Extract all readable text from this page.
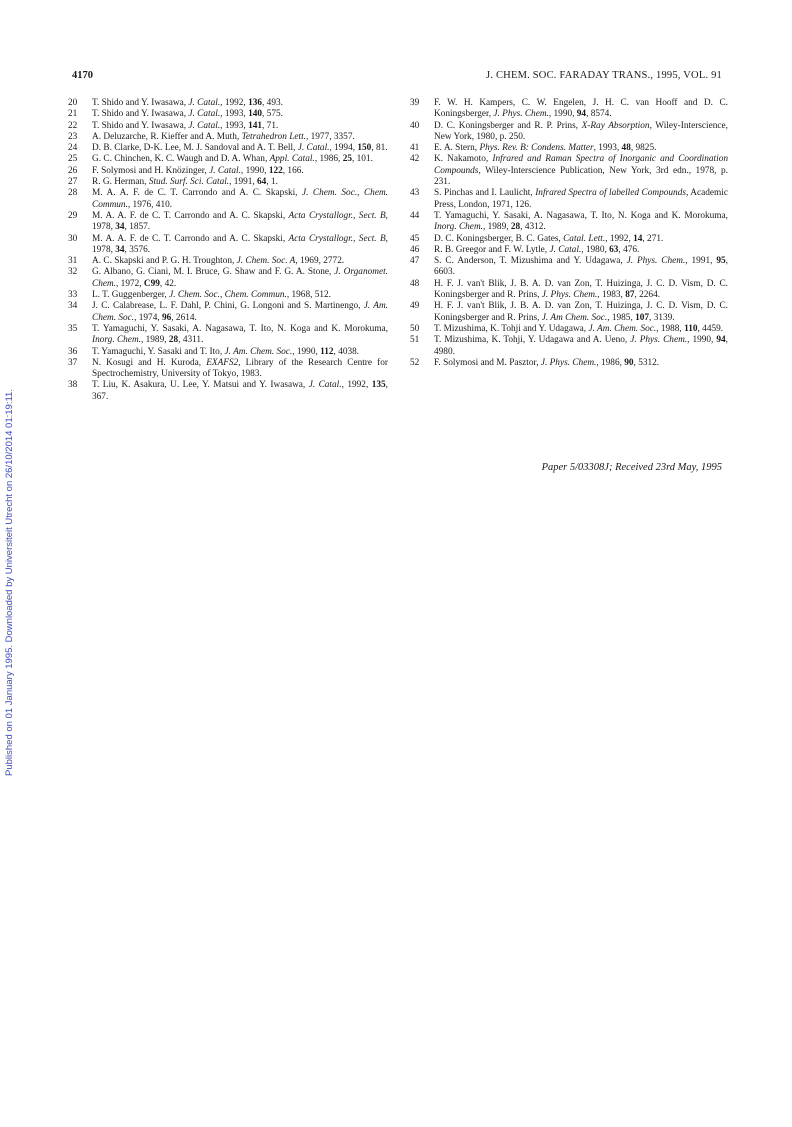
Published on 01 January 1995. Downloaded by Universiteit Utrecht on 26/10/2014 01:19:11.
4170	J. CHEM. SOC. FARADAY TRANS., 1995, VOL. 91
20	T. Shido and Y. Iwasawa, J. Catal., 1992, 136, 493.
21	T. Shido and Y. Iwasawa, J. Catal., 1993, 140, 575.
22	T. Shido and Y. Iwasawa, J. Catal., 1993, 141, 71.
23	A. Deluzarche, R. Kieffer and A. Muth, Tetrahedron Lett., 1977, 3357.
24	D. B. Clarke, D-K. Lee, M. J. Sandoval and A. T. Bell, J. Catal., 1994, 150, 81.
25	G. C. Chinchen, K. C. Waugh and D. A. Whan, Appl. Catal., 1986, 25, 101.
26	F. Solymosi and H. Knözinger, J. Catal., 1990, 122, 166.
27	R. G. Herman, Stud. Surf. Sci. Catal., 1991, 64, 1.
28	M. A. A. F. de C. T. Carrondo and A. C. Skapski, J. Chem. Soc., Chem. Commun., 1976, 410.
29	M. A. A. F. de C. T. Carrondo and A. C. Skapski, Acta Crystallogr., Sect. B, 1978, 34, 1857.
30	M. A. A. F. de C. T. Carrondo and A. C. Skapski, Acta Crystallogr., Sect. B, 1978, 34, 3576.
31	A. C. Skapski and P. G. H. Troughton, J. Chem. Soc. A, 1969, 2772.
32	G. Albano, G. Ciani, M. I. Bruce, G. Shaw and F. G. A. Stone, J. Organomet. Chem., 1972, C99, 42.
33	L. T. Guggenberger, J. Chem. Soc., Chem. Commun., 1968, 512.
34	J. C. Calabrease, L. F. Dahl, P. Chini, G. Longoni and S. Martinengo, J. Am. Chem. Soc., 1974, 96, 2614.
35	T. Yamaguchi, Y. Sasaki, A. Nagasawa, T. Ito, N. Koga and K. Morokuma, Inorg. Chem., 1989, 28, 4311.
36	T. Yamaguchi, Y. Sasaki and T. Ito, J. Am. Chem. Soc., 1990, 112, 4038.
37	N. Kosugi and H. Kuroda, EXAFS2, Library of the Research Centre for Spectrochemistry, University of Tokyo, 1983.
38	T. Liu, K. Asakura, U. Lee, Y. Matsui and Y. Iwasawa, J. Catal., 1992, 135, 367.
39	F. W. H. Kampers, C. W. Engelen, J. H. C. van Hooff and D. C. Koningsberger, J. Phys. Chem., 1990, 94, 8574.
40	D. C. Koningsberger and R. P. Prins, X-Ray Absorption, Wiley-Interscience, New York, 1980, p. 250.
41	E. A. Stern, Phys. Rev. B: Condens. Matter, 1993, 48, 9825.
42	K. Nakamoto, Infrared and Raman Spectra of Inorganic and Coordination Compounds, Wiley-Interscience Publication, New York, 3rd edn., 1978, p. 231.
43	S. Pinchas and I. Laulicht, Infrared Spectra of labelled Compounds, Academic Press, London, 1971, 126.
44	T. Yamaguchi, Y. Sasaki, A. Nagasawa, T. Ito, N. Koga and K. Morokuma, Inorg. Chem., 1989, 28, 4312.
45	D. C. Koningsberger, B. C. Gates, Catal. Lett., 1992, 14, 271.
46	R. B. Greegor and F. W. Lytle, J. Catal., 1980, 63, 476.
47	S. C. Anderson, T. Mizushima and Y. Udagawa, J. Phys. Chem., 1991, 95, 6603.
48	H. F. J. van't Blik, J. B. A. D. van Zon, T. Huizinga, J. C. D. Vism, D. C. Koningsberger and R. Prins, J. Phys. Chem., 1983, 87, 2264.
49	H. F. J. van't Blik, J. B. A. D. van Zon, T. Huizinga, J. C. D. Vism, D. C. Koningsberger and R. Prins, J. Am Chem. Soc., 1985, 107, 3139.
50	T. Mizushima, K. Tohji and Y. Udagawa, J. Am. Chem. Soc., 1988, 110, 4459.
51	T. Mizushima, K. Tohji, Y. Udagawa and A. Ueno, J. Phys. Chem., 1990, 94, 4980.
52	F. Solymosi and M. Pasztor, J. Phys. Chem., 1986, 90, 5312.
Paper 5/03308J; Received 23rd May, 1995
